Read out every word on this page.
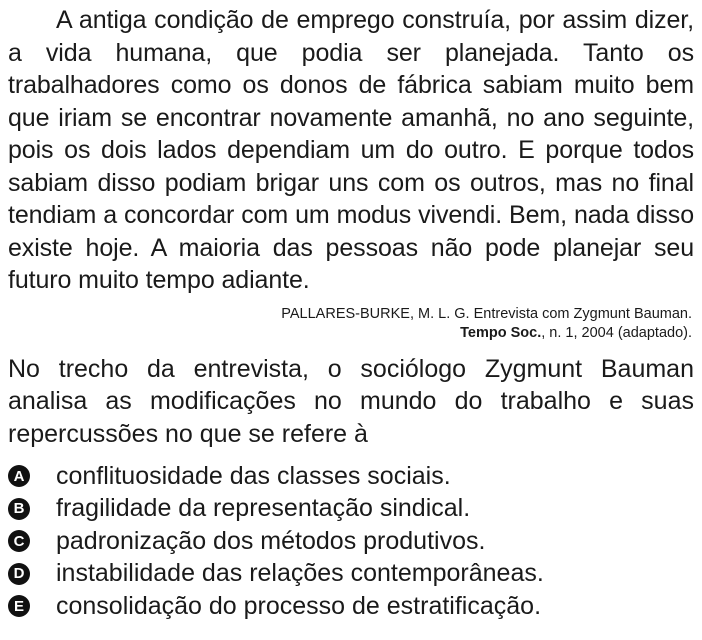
A antiga condição de emprego construía, por assim dizer, a vida humana, que podia ser planejada. Tanto os trabalhadores como os donos de fábrica sabiam muito bem que iriam se encontrar novamente amanhã, no ano seguinte, pois os dois lados dependiam um do outro. E porque todos sabiam disso podiam brigar uns com os outros, mas no final tendiam a concordar com um modus vivendi. Bem, nada disso existe hoje. A maioria das pessoas não pode planejar seu futuro muito tempo adiante.

PALLARES-BURKE, M. L. G. Entrevista com Zygmunt Bauman.
Tempo Soc., n. 1, 2004 (adaptado).
No trecho da entrevista, o sociólogo Zygmunt Bauman analisa as modificações no mundo do trabalho e suas repercussões no que se refere à
A conflituosidade das classes sociais.
B fragilidade da representação sindical.
C padronização dos métodos produtivos.
D instabilidade das relações contemporâneas.
E consolidação do processo de estratificação.
